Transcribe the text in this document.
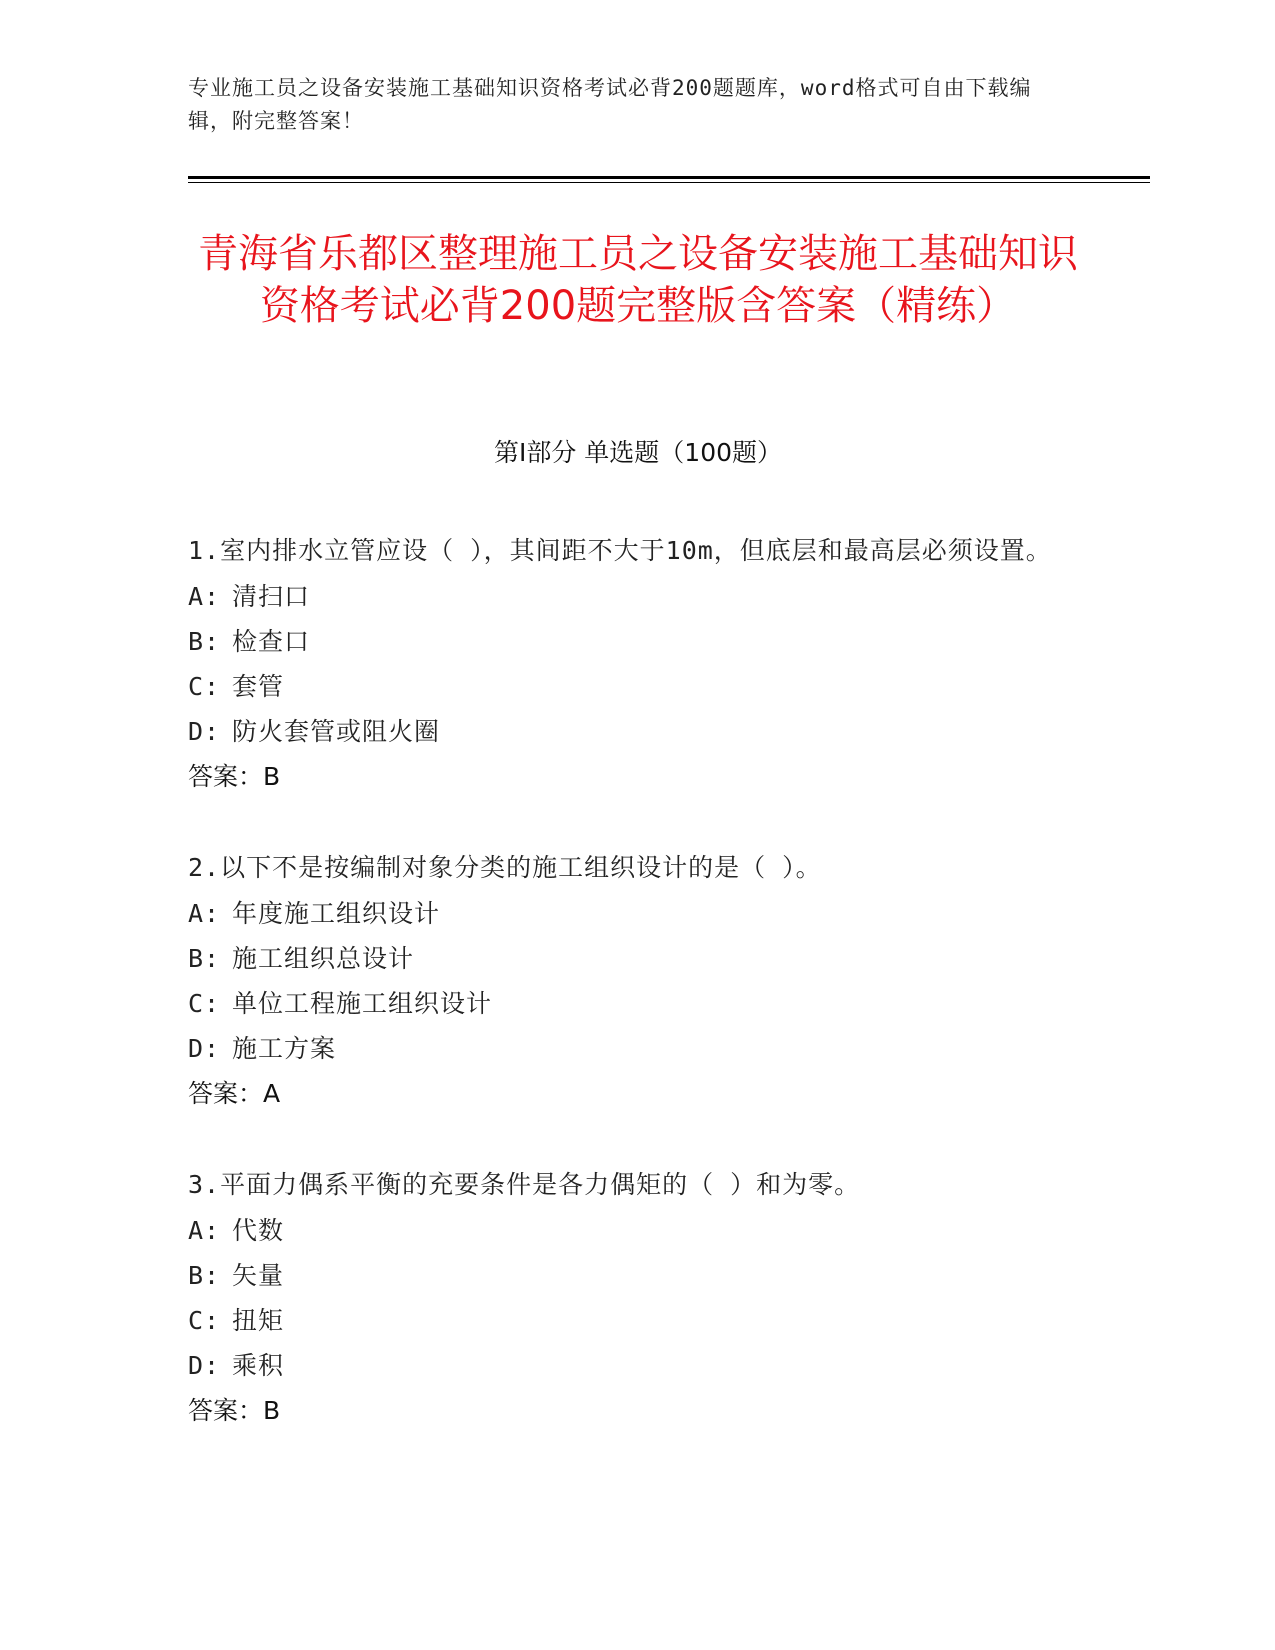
专业施工员之设备安装施工基础知识资格考试必背200题题库，word格式可自由下载编辑，附完整答案！
青海省乐都区整理施工员之设备安装施工基础知识资格考试必背200题完整版含答案（精练）
第Ⅰ部分 单选题（100题）

1.室内排水立管应设（ ），其间距不大于10m，但底层和最高层必须设置。

A: 清扫口
B: 检查口
C: 套管
D: 防火套管或阻火圈
答案：B

2.以下不是按编制对象分类的施工组织设计的是（ ）。

A: 年度施工组织设计
B: 施工组织总设计
C: 单位工程施工组织设计
D: 施工方案
答案：A

3.平面力偶系平衡的充要条件是各力偶矩的（ ）和为零。

A: 代数
B: 矢量
C: 扭矩
D: 乘积
答案：B
